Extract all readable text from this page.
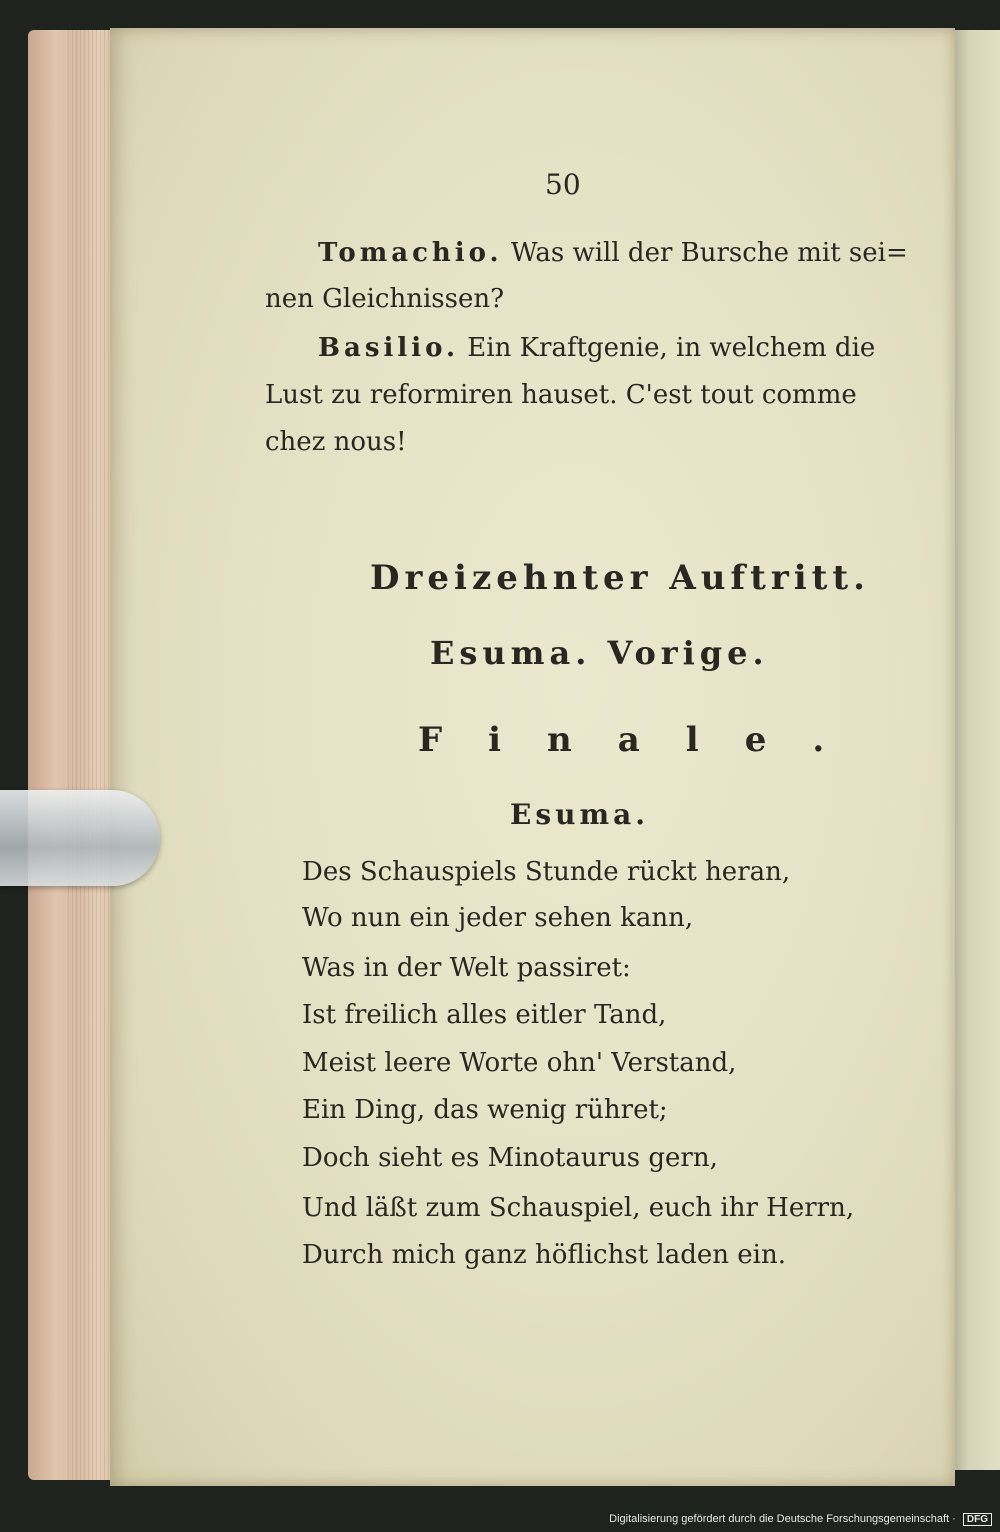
50
Tomachio. Was will der Bursche mit sei=
nen Gleichnissen?
Basilio. Ein Kraftgenie, in welchem die
Lust zu reformiren hauset. C'est tout comme
chez nous!
Dreizehnter Auftritt.
Esuma. Vorige.
Finale.
Esuma.
Des Schauspiels Stunde rückt heran,
Wo nun ein jeder sehen kann,
Was in der Welt passiret:
Ist freilich alles eitler Tand,
Meist leere Worte ohn' Verstand,
Ein Ding, das wenig rühret;
Doch sieht es Minotaurus gern,
Und läßt zum Schauspiel, euch ihr Herrn,
Durch mich ganz höflichst laden ein.
Digitalisierung gefördert durch die Deutsche Forschungsgemeinschaft · DFG
